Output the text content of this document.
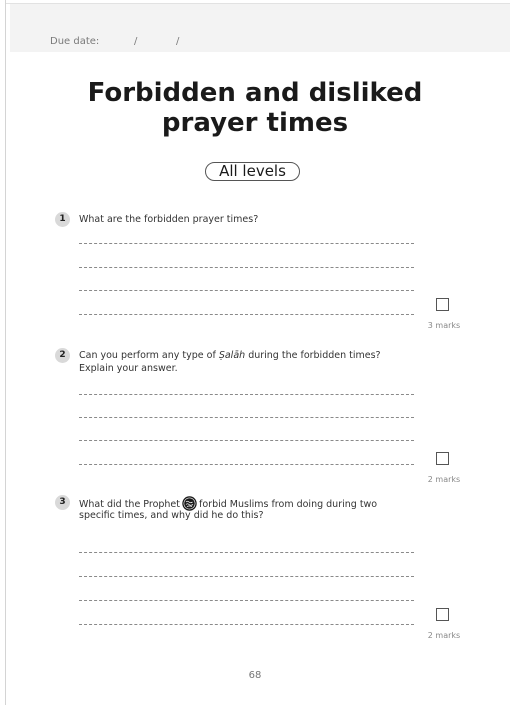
Due date:	/	/
Forbidden and disliked
prayer times
All levels
1	What are the forbidden prayer times?
3 marks
2	Can you perform any type of Ṣalāh during the forbidden times?
Explain your answer.
2 marks
3	What did the Prophet forbid Muslims from doing during two
specific times, and why did he do this?
2 marks
68
